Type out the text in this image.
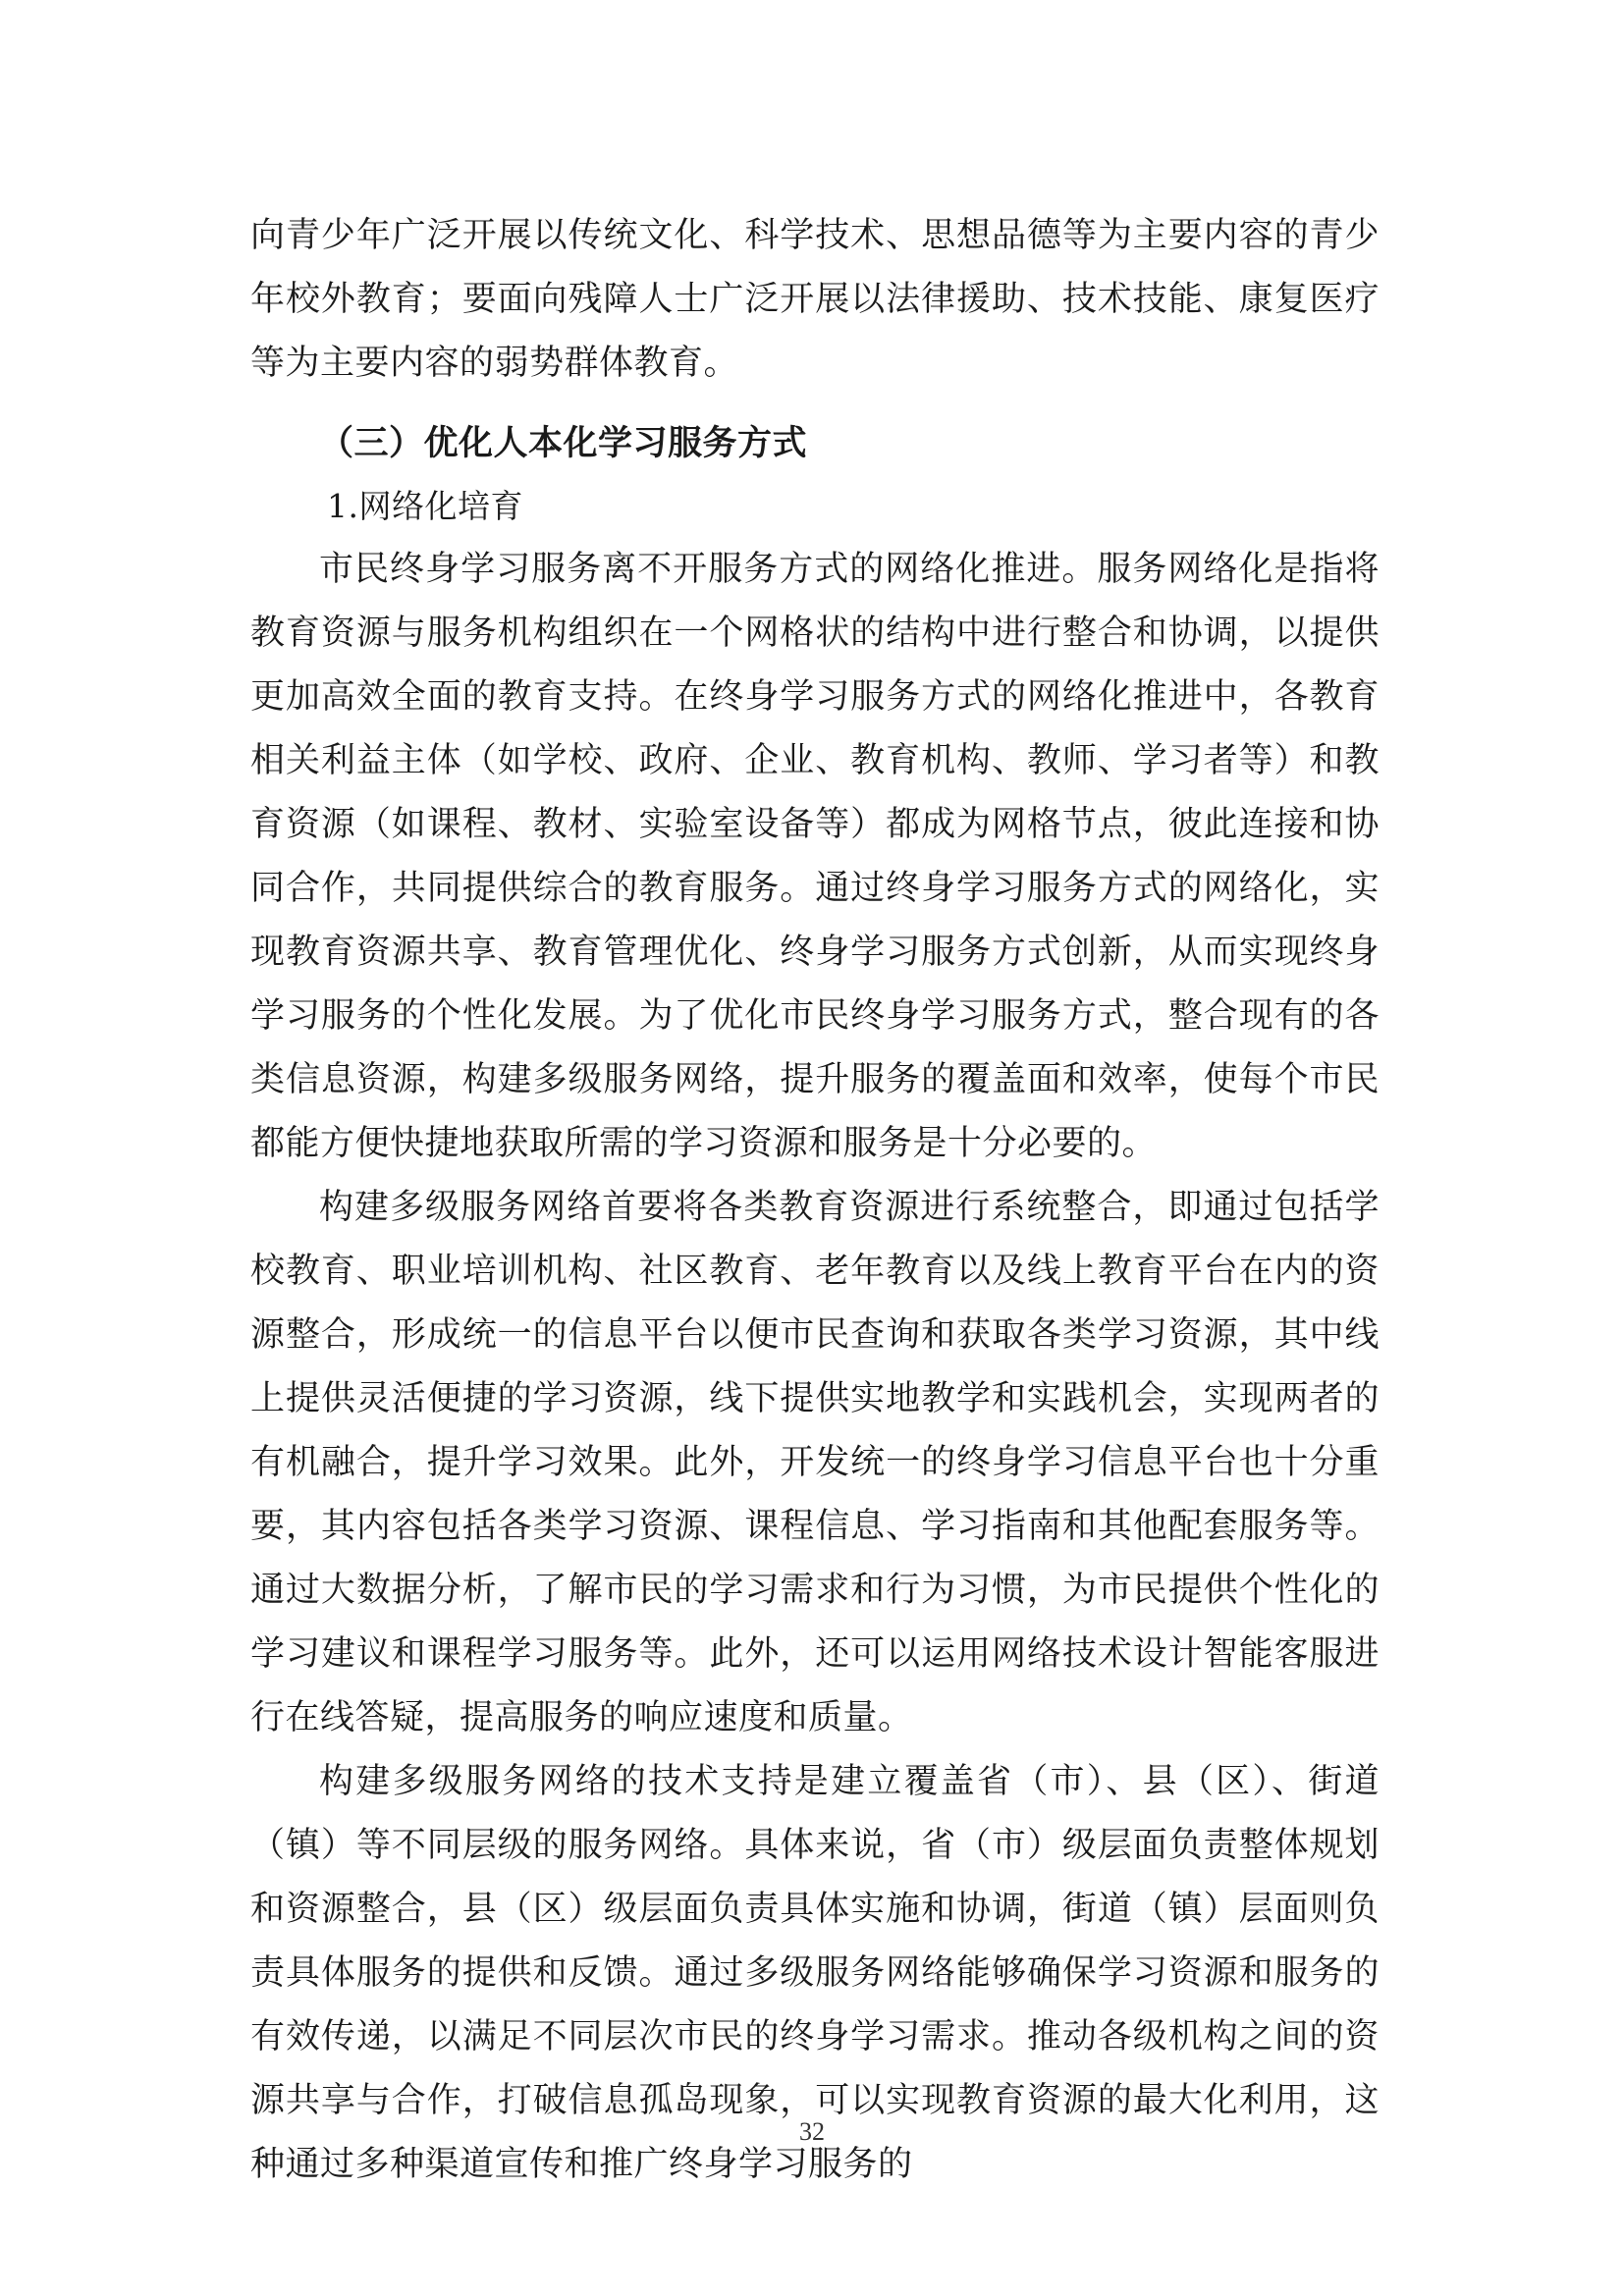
向青少年广泛开展以传统文化、科学技术、思想品德等为主要内容的青少年校外教育；要面向残障人士广泛开展以法律援助、技术技能、康复医疗等为主要内容的弱势群体教育。

（三）优化人本化学习服务方式

1.网络化培育

市民终身学习服务离不开服务方式的网络化推进。服务网络化是指将教育资源与服务机构组织在一个网格状的结构中进行整合和协调，以提供更加高效全面的教育支持。在终身学习服务方式的网络化推进中，各教育相关利益主体（如学校、政府、企业、教育机构、教师、学习者等）和教育资源（如课程、教材、实验室设备等）都成为网格节点，彼此连接和协同合作，共同提供综合的教育服务。通过终身学习服务方式的网络化，实现教育资源共享、教育管理优化、终身学习服务方式创新，从而实现终身学习服务的个性化发展。为了优化市民终身学习服务方式，整合现有的各类信息资源，构建多级服务网络，提升服务的覆盖面和效率，使每个市民都能方便快捷地获取所需的学习资源和服务是十分必要的。

构建多级服务网络首要将各类教育资源进行系统整合，即通过包括学校教育、职业培训机构、社区教育、老年教育以及线上教育平台在内的资源整合，形成统一的信息平台以便市民查询和获取各类学习资源，其中线上提供灵活便捷的学习资源，线下提供实地教学和实践机会，实现两者的有机融合，提升学习效果。此外，开发统一的终身学习信息平台也十分重要，其内容包括各类学习资源、课程信息、学习指南和其他配套服务等。通过大数据分析，了解市民的学习需求和行为习惯，为市民提供个性化的学习建议和课程学习服务等。此外，还可以运用网络技术设计智能客服进行在线答疑，提高服务的响应速度和质量。

构建多级服务网络的技术支持是建立覆盖省（市）、县（区）、街道（镇）等不同层级的服务网络。具体来说，省（市）级层面负责整体规划和资源整合，县（区）级层面负责具体实施和协调，街道（镇）层面则负责具体服务的提供和反馈。通过多级服务网络能够确保学习资源和服务的有效传递，以满足不同层次市民的终身学习需求。推动各级机构之间的资源共享与合作，打破信息孤岛现象，可以实现教育资源的最大化利用，这种通过多种渠道宣传和推广终身学习服务的

32
